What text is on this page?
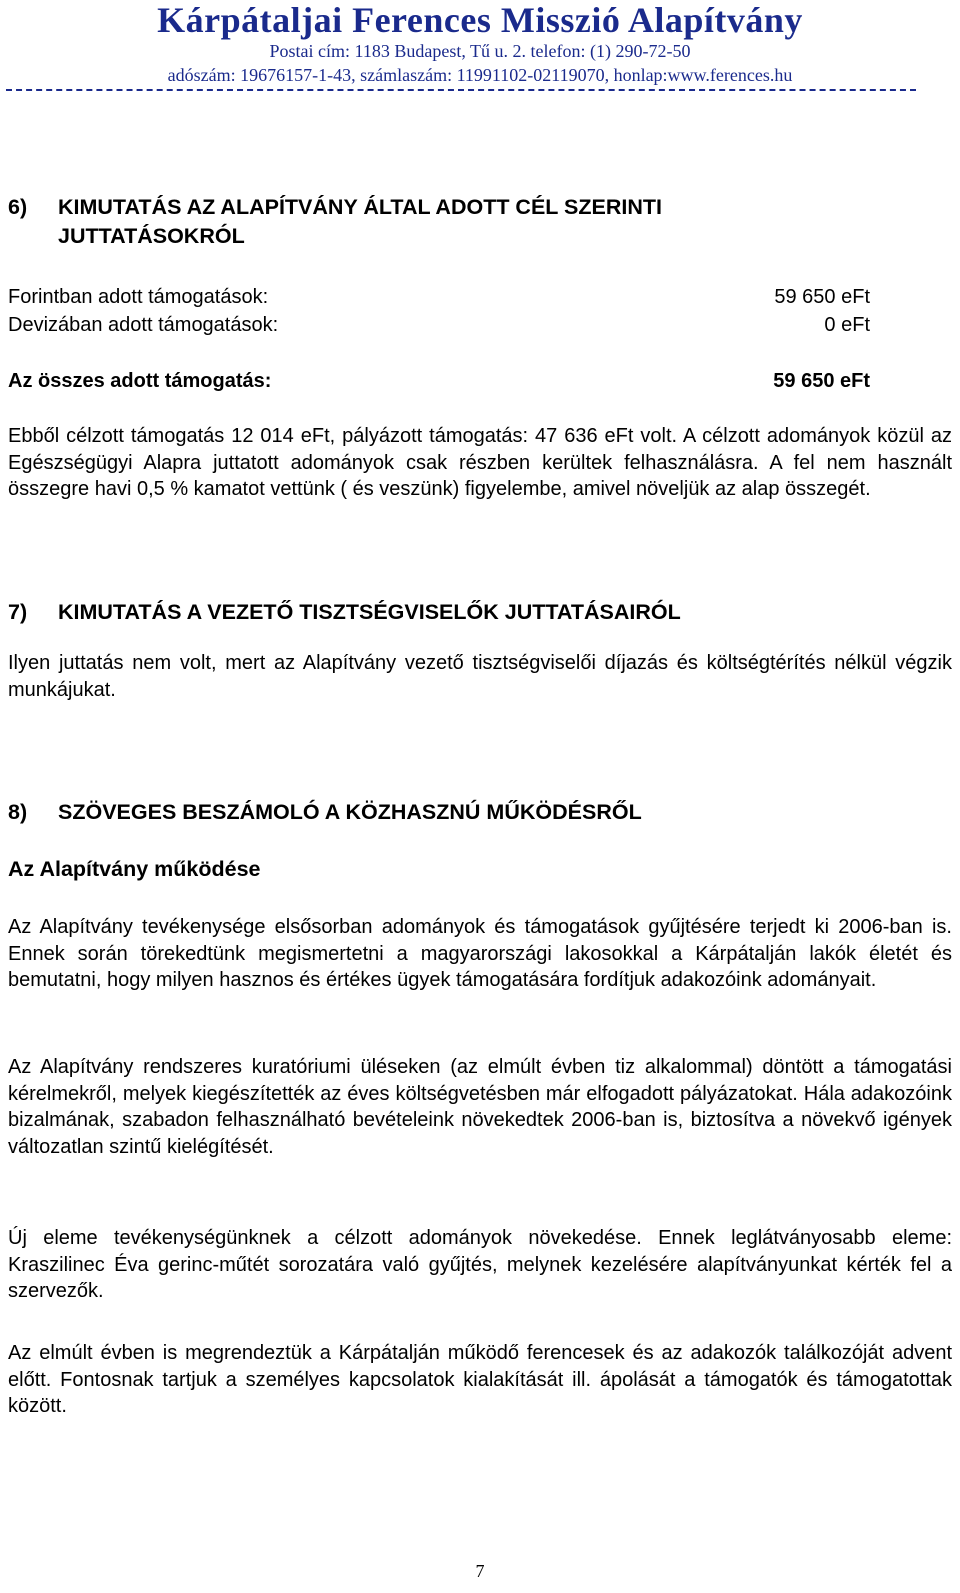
Kárpátaljai Ferences Misszió Alapítvány
Postai cím: 1183 Budapest, Tű u. 2. telefon: (1) 290-72-50
adószám: 19676157-1-43, számlaszám: 11991102-02119070, honlap:www.ferences.hu
6) KIMUTATÁS AZ ALAPÍTVÁNY ÁLTAL ADOTT CÉL SZERINTI
JUTTATÁSOKRÓL
Forintban adott támogatások:	59 650 eFt
Devizában adott támogatások:	0 eFt
Az összes adott támogatás:	59 650 eFt

Ebből célzott támogatás 12 014 eFt, pályázott támogatás: 47 636 eFt volt. A célzott adományok közül az Egészségügyi Alapra juttatott adományok csak részben kerültek felhasználásra. A fel nem használt összegre havi 0,5 % kamatot vettünk ( és veszünk) figyelembe, amivel növeljük az alap összegét.

7) KIMUTATÁS A VEZETŐ TISZTSÉGVISELŐK JUTTATÁSAIRÓL

Ilyen juttatás nem volt, mert az Alapítvány vezető tisztségviselői díjazás és költségtérítés nélkül végzik munkájukat.

8) SZÖVEGES BESZÁMOLÓ A KÖZHASZNÚ MŰKÖDÉSRŐL
Az Alapítvány működése

Az Alapítvány tevékenysége elsősorban adományok és támogatások gyűjtésére terjedt ki 2006-ban is. Ennek során törekedtünk megismertetni a magyarországi lakosokkal a Kárpátalján lakók életét és bemutatni, hogy milyen hasznos és értékes ügyek támogatására fordítjuk adakozóink adományait.

Az Alapítvány rendszeres kuratóriumi üléseken (az elmúlt évben tiz alkalommal) döntött a támogatási kérelmekről, melyek kiegészítették az éves költségvetésben már elfogadott pályázatokat. Hála adakozóink bizalmának, szabadon felhasználható bevételeink növekedtek 2006-ban is, biztosítva a növekvő igények változatlan szintű kielégítését.

Új eleme tevékenységünknek a célzott adományok növekedése. Ennek leglátványosabb eleme: Kraszilinec Éva gerinc-műtét sorozatára való gyűjtés, melynek kezelésére alapítványunkat kérték fel a szervezők.

Az elmúlt évben is megrendeztük a Kárpátalján működő ferencesek és az adakozók találkozóját advent előtt. Fontosnak tartjuk a személyes kapcsolatok kialakítását ill. ápolását a támogatók és támogatottak között.

7
